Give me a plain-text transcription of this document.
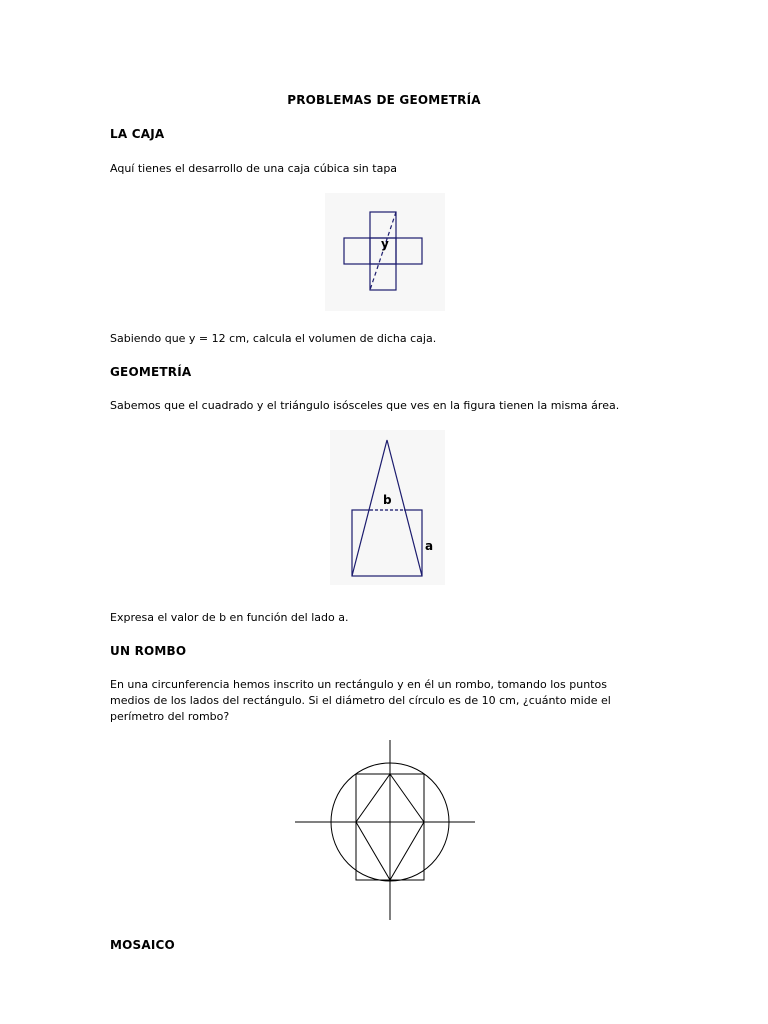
PROBLEMAS DE GEOMETRÍA
LA CAJA
Aquí tienes el desarrollo de una caja cúbica sin tapa
y
Sabiendo que y = 12 cm, calcula el volumen de dicha caja.
GEOMETRÍA
Sabemos que el cuadrado y el triángulo isósceles que ves en la figura tienen la misma área.
b
a
Expresa el valor de b en función del lado a.
UN ROMBO
En una circunferencia hemos inscrito un rectángulo y en él un rombo, tomando los puntos medios de los lados del rectángulo. Si el diámetro del círculo es de 10 cm, ¿cuánto mide el perímetro del rombo?
MOSAICO
